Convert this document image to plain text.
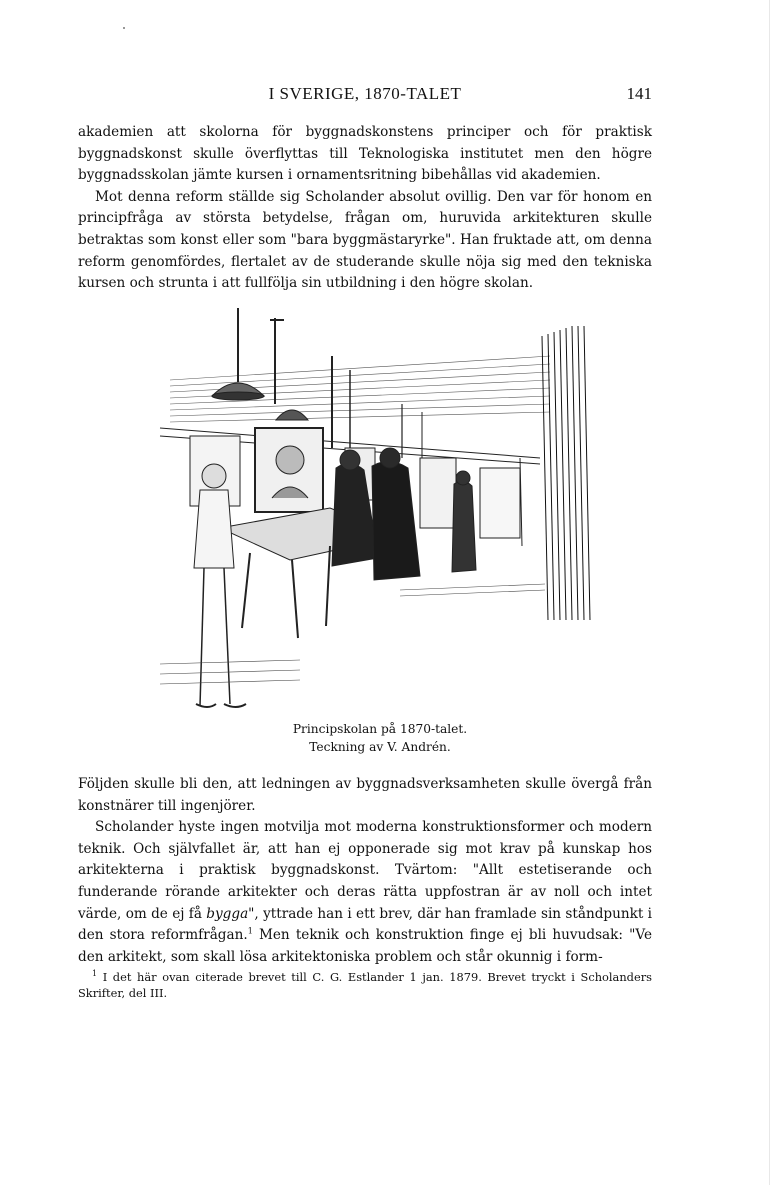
I SVERIGE, 1870-TALET	141

akademien att skolorna för byggnadskonstens principer och för praktisk byggnadskonst skulle överflyttas till Teknologiska institutet men den högre byggnadsskolan jämte kursen i ornamentsritning bibehållas vid akademien.

Mot denna reform ställde sig Scholander absolut ovillig. Den var för honom en principfråga av största betydelse, frågan om, huruvida arkitekturen skulle betraktas som konst eller som "bara byggmästaryrke". Han fruktade att, om denna reform genomfördes, flertalet av de studerande skulle nöja sig med den tekniska kursen och strunta i att fullfölja sin utbildning i den högre skolan.

Principskolan på 1870-talet.
Teckning av V. Andrén.

Följden skulle bli den, att ledningen av byggnadsverksamheten skulle övergå från konstnärer till ingenjörer.

Scholander hyste ingen motvilja mot moderna konstruktionsformer och modern teknik. Och självfallet är, att han ej opponerade sig mot krav på kunskap hos arkitekterna i praktisk byggnadskonst. Tvärtom: "Allt estetiserande och funderande rörande arkitekter och deras rätta uppfostran är av noll och intet värde, om de ej få bygga", yttrade han i ett brev, där han framlade sin ståndpunkt i den stora reformfrågan.$^1$ Men teknik och konstruktion finge ej bli huvudsak: "Ve den arkitekt, som skall lösa arkitektoniska problem och står okunnig i form-

$^1$ I det här ovan citerade brevet till C. G. Estlander 1 jan. 1879. Brevet tryckt i Scholanders Skrifter, del III.
